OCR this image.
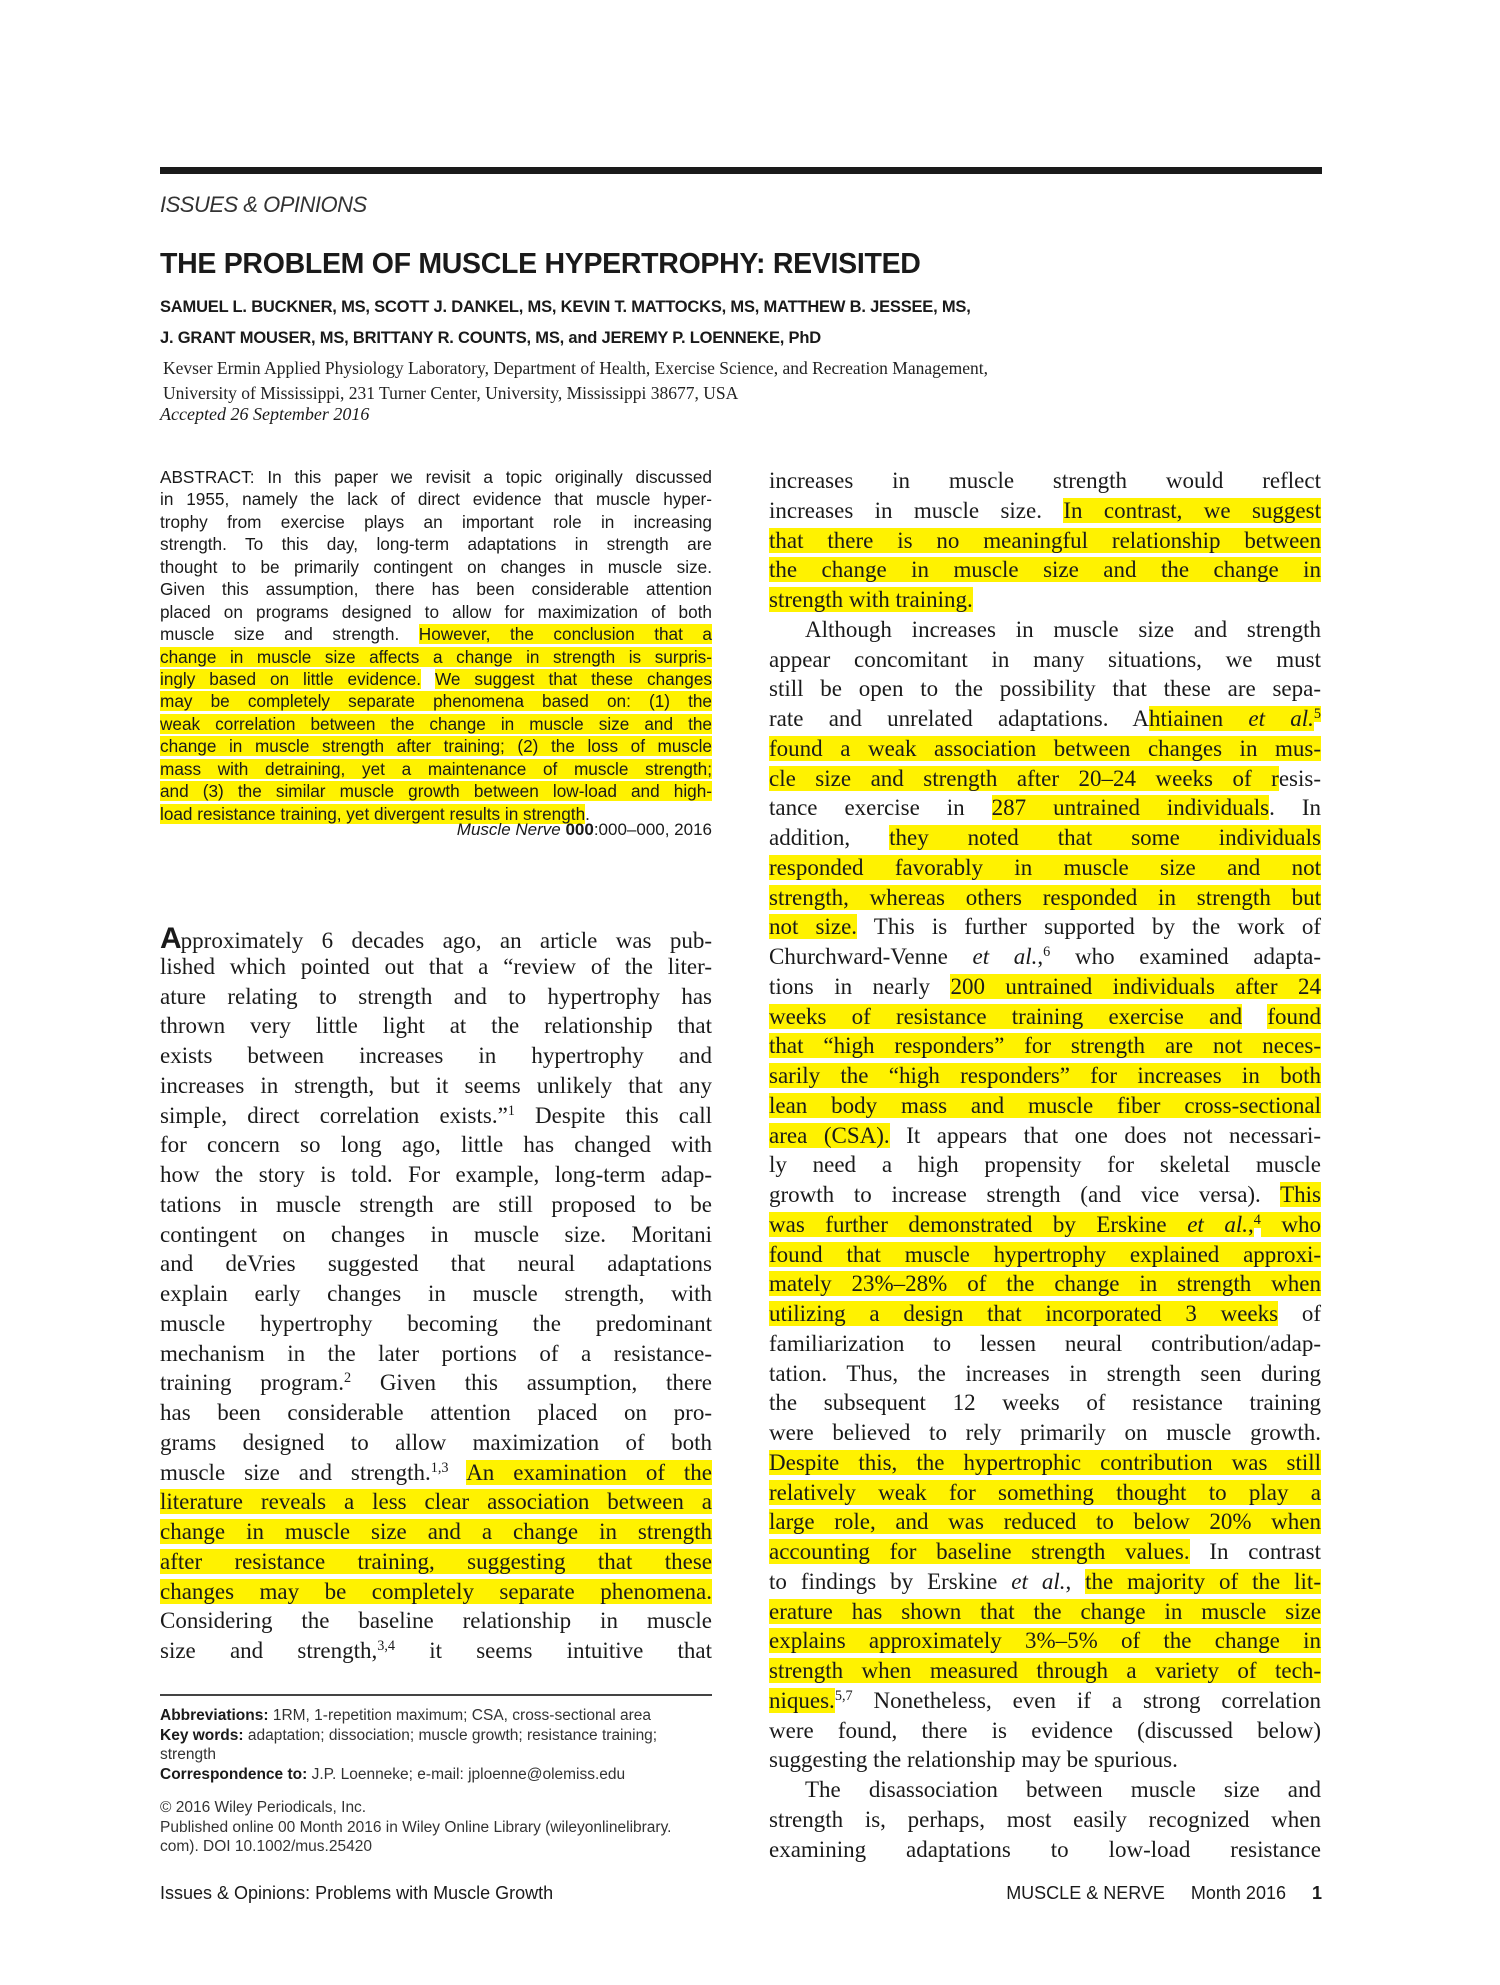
ISSUES & OPINIONS
THE PROBLEM OF MUSCLE HYPERTROPHY: REVISITED
SAMUEL L. BUCKNER, MS, SCOTT J. DANKEL, MS, KEVIN T. MATTOCKS, MS, MATTHEW B. JESSEE, MS,
J. GRANT MOUSER, MS, BRITTANY R. COUNTS, MS, and JEREMY P. LOENNEKE, PhD
Kevser Ermin Applied Physiology Laboratory, Department of Health, Exercise Science, and Recreation Management,
University of Mississippi, 231 Turner Center, University, Mississippi 38677, USA
Accepted 26 September 2016
ABSTRACT: In this paper we revisit a topic originally discussed
in 1955, namely the lack of direct evidence that muscle hyper-
trophy from exercise plays an important role in increasing
strength. To this day, long-term adaptations in strength are
thought to be primarily contingent on changes in muscle size.
Given this assumption, there has been considerable attention
placed on programs designed to allow for maximization of both
muscle size and strength. However, the conclusion that a
change in muscle size affects a change in strength is surpris-
ingly based on little evidence. We suggest that these changes
may be completely separate phenomena based on: (1) the
weak correlation between the change in muscle size and the
change in muscle strength after training; (2) the loss of muscle
mass with detraining, yet a maintenance of muscle strength;
and (3) the similar muscle growth between low-load and high-
load resistance training, yet divergent results in strength.
Muscle Nerve 000:000–000, 2016
Approximately 6 decades ago, an article was pub-
lished which pointed out that a “review of the liter-
ature relating to strength and to hypertrophy has
thrown very little light at the relationship that
exists between increases in hypertrophy and
increases in strength, but it seems unlikely that any
simple, direct correlation exists.”$^1$ Despite this call
for concern so long ago, little has changed with
how the story is told. For example, long-term adap-
tations in muscle strength are still proposed to be
contingent on changes in muscle size. Moritani
and deVries suggested that neural adaptations
explain early changes in muscle strength, with
muscle hypertrophy becoming the predominant
mechanism in the later portions of a resistance-
training program.$^2$ Given this assumption, there
has been considerable attention placed on pro-
grams designed to allow maximization of both
muscle size and strength.$^{1,3}$ An examination of the
literature reveals a less clear association between a
change in muscle size and a change in strength
after resistance training, suggesting that these
changes may be completely separate phenomena.
Considering the baseline relationship in muscle
size and strength,$^{3,4}$ it seems intuitive that
increases in muscle strength would reflect
increases in muscle size. In contrast, we suggest
that there is no meaningful relationship between
the change in muscle size and the change in
strength with training.
Although increases in muscle size and strength
appear concomitant in many situations, we must
still be open to the possibility that these are sepa-
rate and unrelated adaptations. Ahtiainen et al.$^5$
found a weak association between changes in mus-
cle size and strength after 20–24 weeks of resis-
tance exercise in 287 untrained individuals. In
addition, they noted that some individuals
responded favorably in muscle size and not
strength, whereas others responded in strength but
not size. This is further supported by the work of
Churchward-Venne et al.,$^6$ who examined adapta-
tions in nearly 200 untrained individuals after 24
weeks of resistance training exercise and found
that “high responders” for strength are not neces-
sarily the “high responders” for increases in both
lean body mass and muscle fiber cross-sectional
area (CSA). It appears that one does not necessari-
ly need a high propensity for skeletal muscle
growth to increase strength (and vice versa). This
was further demonstrated by Erskine et al.,$^4$ who
found that muscle hypertrophy explained approxi-
mately 23%–28% of the change in strength when
utilizing a design that incorporated 3 weeks of
familiarization to lessen neural contribution/adap-
tation. Thus, the increases in strength seen during
the subsequent 12 weeks of resistance training
were believed to rely primarily on muscle growth.
Despite this, the hypertrophic contribution was still
relatively weak for something thought to play a
large role, and was reduced to below 20% when
accounting for baseline strength values. In contrast
to findings by Erskine et al., the majority of the lit-
erature has shown that the change in muscle size
explains approximately 3%–5% of the change in
strength when measured through a variety of tech-
niques.$^{5,7}$ Nonetheless, even if a strong correlation
were found, there is evidence (discussed below)
suggesting the relationship may be spurious.
The disassociation between muscle size and
strength is, perhaps, most easily recognized when
examining adaptations to low-load resistance
Abbreviations: 1RM, 1-repetition maximum; CSA, cross-sectional area
Key words: adaptation; dissociation; muscle growth; resistance training; strength
Correspondence to: J.P. Loenneke; e-mail: jploenne@olemiss.edu
© 2016 Wiley Periodicals, Inc.
Published online 00 Month 2016 in Wiley Online Library (wileyonlinelibrary. com). DOI 10.1002/mus.25420
Issues & Opinions: Problems with Muscle Growth	MUSCLE & NERVE Month 2016 1
